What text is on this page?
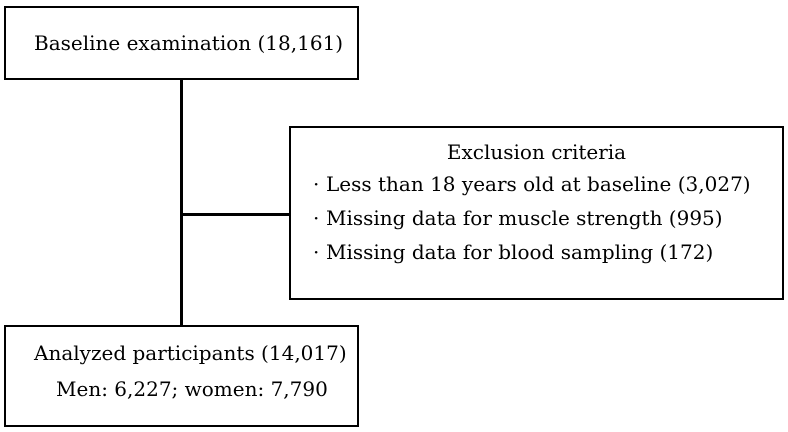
Baseline examination (18,161)
Exclusion criteria
· Less than 18 years old at baseline (3,027)
· Missing data for muscle strength (995)
· Missing data for blood sampling (172)
Analyzed participants (14,017)
Men: 6,227; women: 7,790
